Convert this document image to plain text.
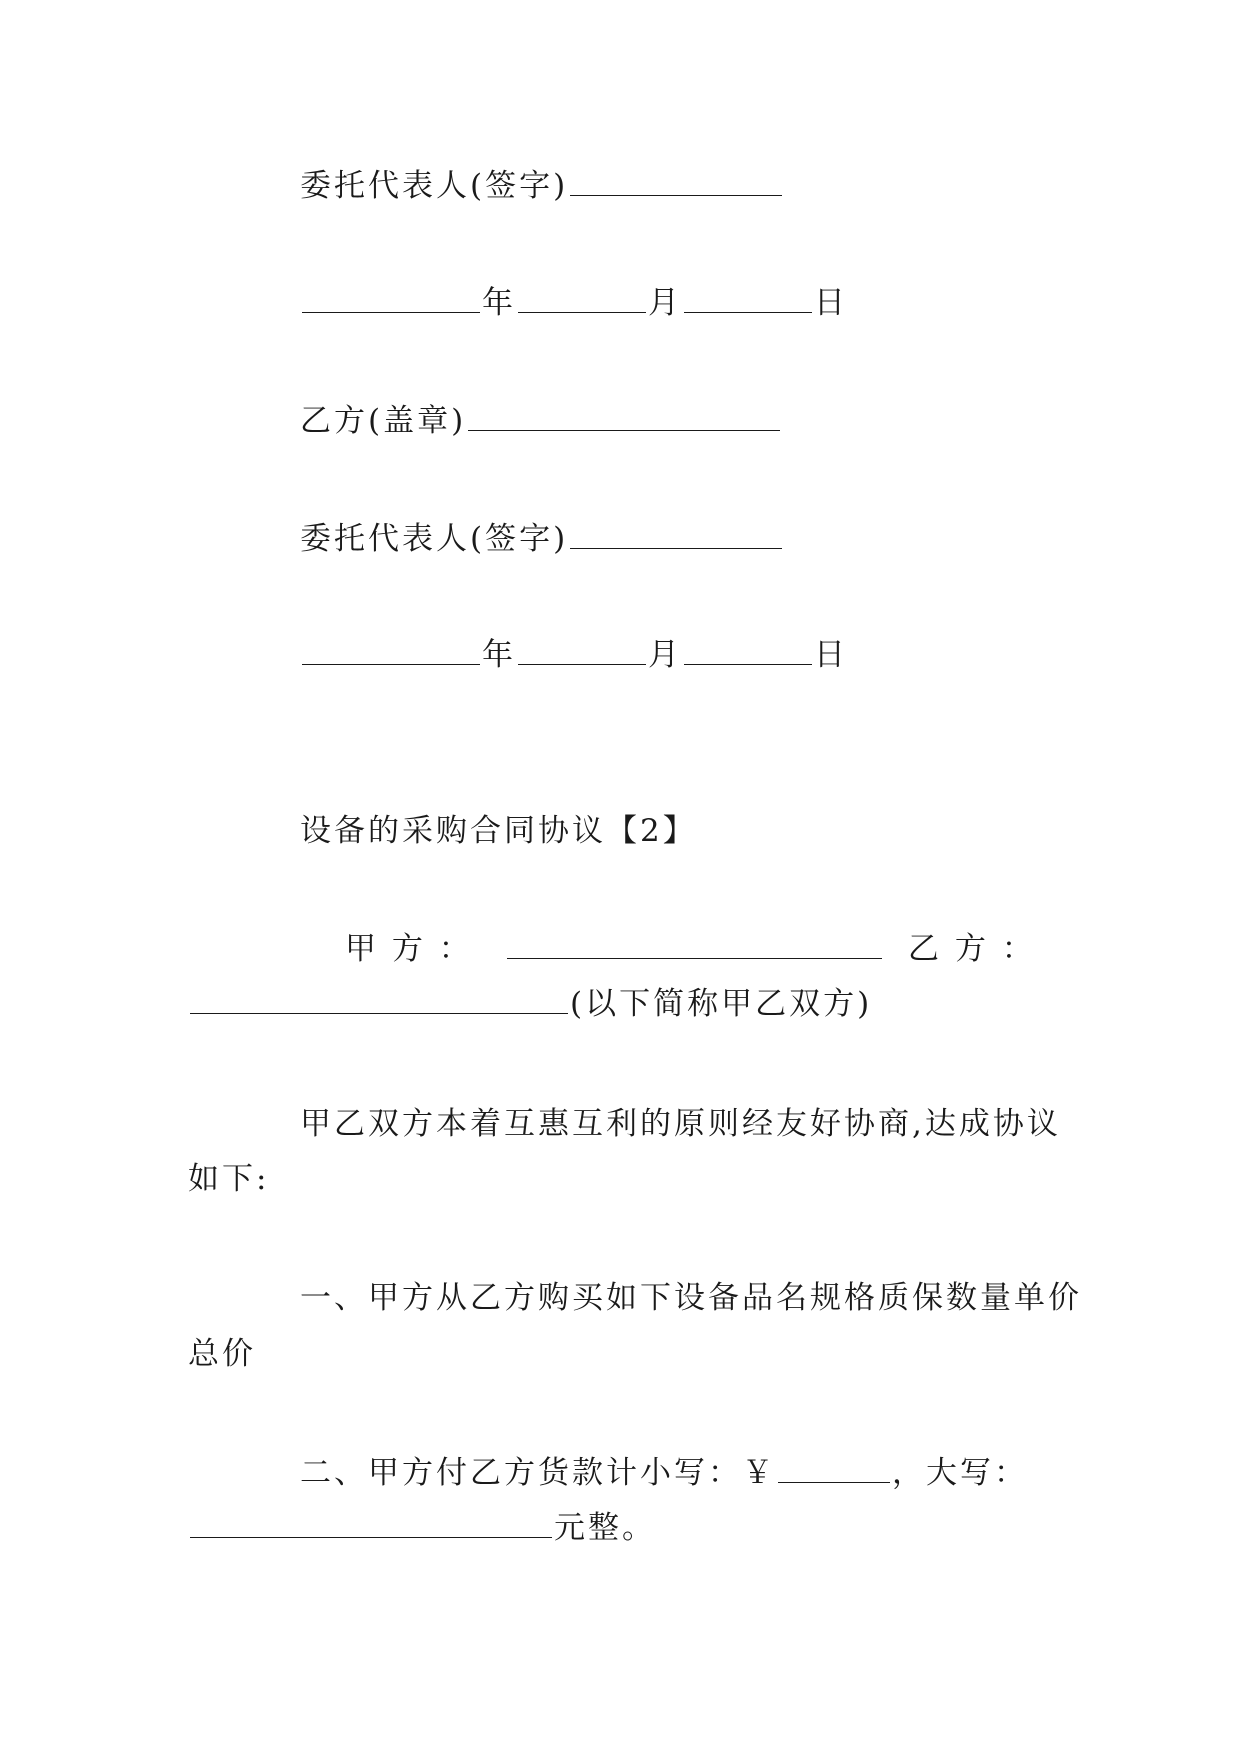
委托代表人(签字)
年	月	日
乙方(盖章)
委托代表人(签字)
年	月	日
设备的采购合同协议【2】
甲 方 ：	乙 方 ：
(以下简称甲乙双方)
甲乙双方本着互惠互利的原则经友好协商,达成协议
如下:
一、甲方从乙方购买如下设备品名规格质保数量单价
总价
二、甲方付乙方货款计小写：￥	，大写：
元整。
